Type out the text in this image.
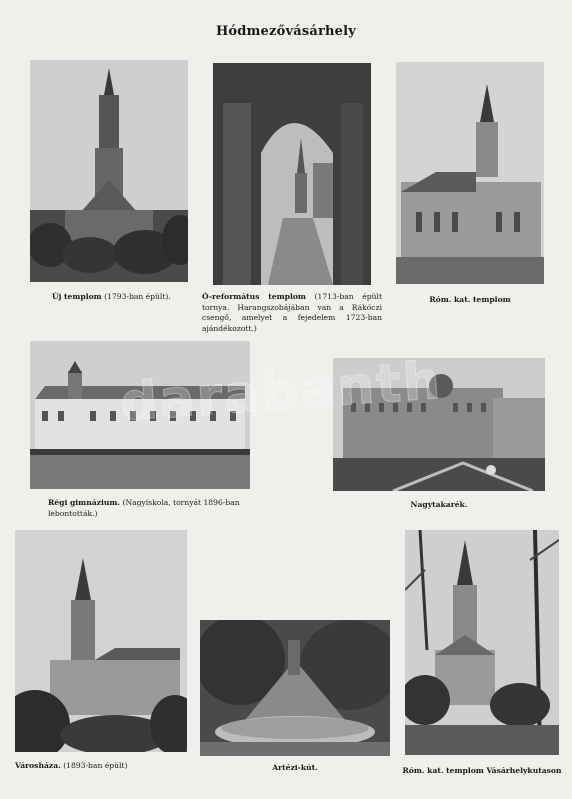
Hódmezővásárhely
Új templom (1793-ban épült).	Ó-református templom (1713-ban épült tornya. Harangszobájában van a Rákóczi csengő, amelyet a fejedelem 1723-ban ajándékozott.)
Róm. kat. templom
Régi gimnázium. (Nagyiskola, tornyát 1896-ban lebontották.)
Nagytakarék.
Városháza. (1893-ban épült)	Artézi-kút.	Róm. kat. templom Vásárhelykutason
darabanth
